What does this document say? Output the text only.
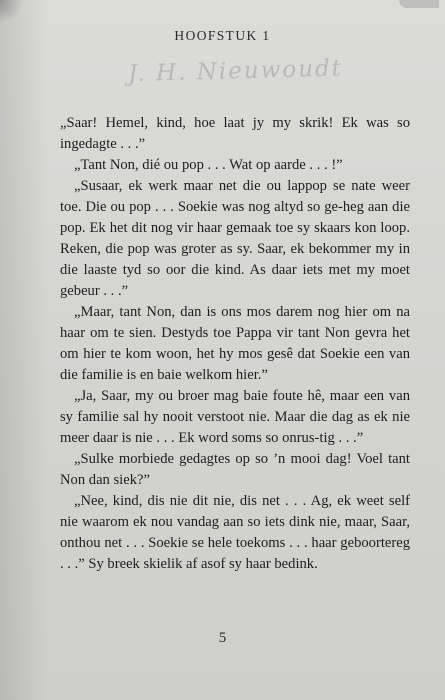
HOOFSTUK 1
J. H. Nieuwoudt

„Saar! Hemel, kind, hoe laat jy my skrik! Ek was so ingedagte . . .”

„Tant Non, dié ou pop . . . Wat op aarde . . . !”

„Susaar, ek werk maar net die ou lappop se nate weer toe. Die ou pop . . . Soekie was nog altyd so ge-heg aan die pop. Ek het dit nog vir haar gemaak toe sy skaars kon loop. Reken, die pop was groter as sy. Saar, ek bekommer my in die laaste tyd so oor die kind. As daar iets met my moet gebeur . . .”

„Maar, tant Non, dan is ons mos darem nog hier om na haar om te sien. Destyds toe Pappa vir tant Non gevra het om hier te kom woon, het hy mos gesê dat Soekie een van die familie is en baie welkom hier.”

„Ja, Saar, my ou broer mag baie foute hê, maar een van sy familie sal hy nooit verstoot nie. Maar die dag as ek nie meer daar is nie . . . Ek word soms so onrus-tig . . .”

„Sulke morbiede gedagtes op so ’n mooi dag! Voel tant Non dan siek?”

„Nee, kind, dis nie dit nie, dis net . . . Ag, ek weet self nie waarom ek nou vandag aan so iets dink nie, maar, Saar, onthou net . . . Soekie se hele toekoms . . . haar geboortereg . . .” Sy breek skielik af asof sy haar bedink.

5
